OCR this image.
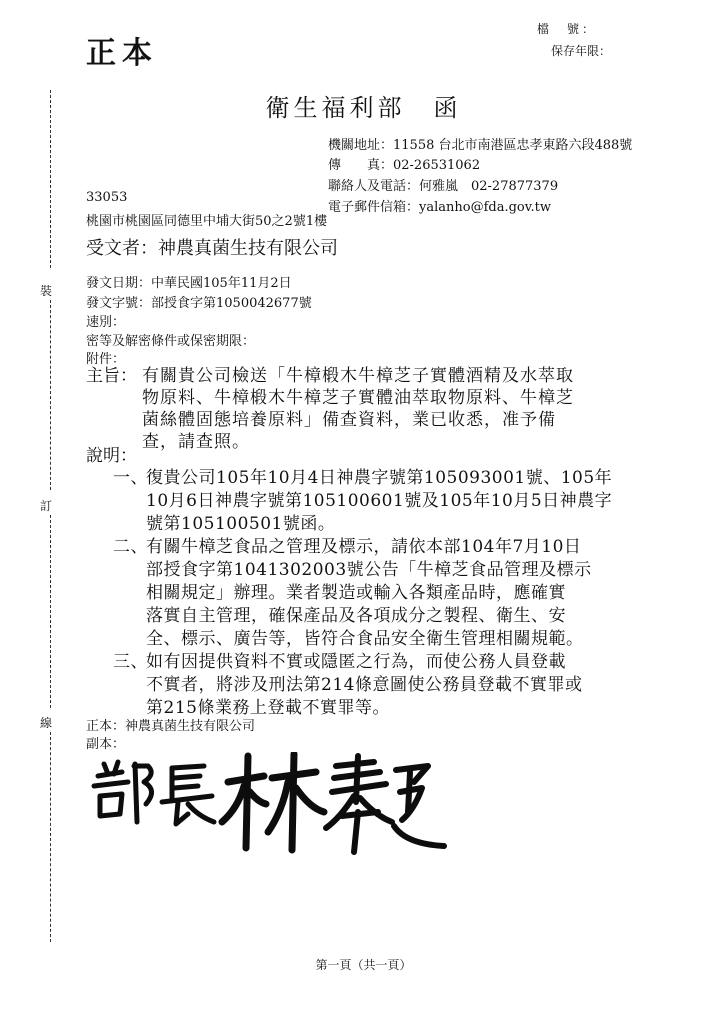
正本
檔　號：
保存年限：
衛生福利部　函
機關地址：11558 台北市南港區忠孝東路六段488號
傳　　真：02-26531062
聯絡人及電話：何雅嵐　02-27877379
電子郵件信箱：yalanho@fda.gov.tw
33053
桃園市桃園區同德里中埔大街50之2號1樓
受文者：神農真菌生技有限公司
發文日期：中華民國105年11月2日
發文字號：部授食字第1050042677號
速別：
密等及解密條件或保密期限：
附件：
主旨： 有關貴公司檢送「牛樟椴木牛樟芝子實體酒精及水萃取
物原料、牛樟椴木牛樟芝子實體油萃取物原料、牛樟芝
菌絲體固態培養原料」備查資料，業已收悉，准予備
查，請查照。
說明：
一、
復貴公司105年10月4日神農字號第105093001號、105年
10月6日神農字號第105100601號及105年10月5日神農字
號第105100501號函。
二、
有關牛樟芝食品之管理及標示，請依本部104年7月10日
部授食字第1041302003號公告「牛樟芝食品管理及標示
相關規定」辦理。業者製造或輸入各類產品時，應確實
落實自主管理，確保產品及各項成分之製程、衛生、安
全、標示、廣告等，皆符合食品安全衛生管理相關規範。
三、
如有因提供資料不實或隱匿之行為，而使公務人員登載
不實者，將涉及刑法第214條意圖使公務員登載不實罪或
第215條業務上登載不實罪等。
正本：神農真菌生技有限公司
副本：
裝
訂
線
第一頁（共一頁）
